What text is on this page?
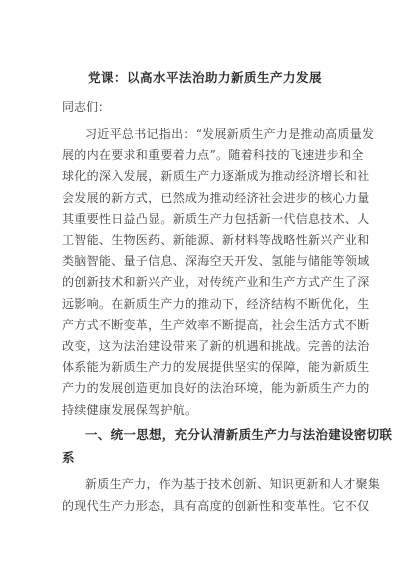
党课：以高水平法治助力新质生产力发展
同志们：
习近平总书记指出：“发展新质生产力是推动高质量发
展的内在要求和重要着力点”。随着科技的飞速进步和全
球化的深入发展，新质生产力逐渐成为推动经济增长和社
会发展的新方式，已然成为推动经济社会进步的核心力量
其重要性日益凸显。新质生产力包括新一代信息技术、人
工智能、生物医药、新能源、新材料等战略性新兴产业和
类脑智能、量子信息、深海空天开发、氢能与储能等领域
的创新技术和新兴产业，对传统产业和生产方式产生了深
远影响。在新质生产力的推动下，经济结构不断优化，生
产方式不断变革，生产效率不断提高，社会生活方式不断
改变，这为法治建设带来了新的机遇和挑战。完善的法治
体系能为新质生产力的发展提供坚实的保障，能为新质生
产力的发展创造更加良好的法治环境，能为新质生产力的
持续健康发展保驾护航。
一、统一思想，充分认清新质生产力与法治建设密切联
系
新质生产力，作为基于技术创新、知识更新和人才聚集
的现代生产力形态，具有高度的创新性和变革性。它不仅
